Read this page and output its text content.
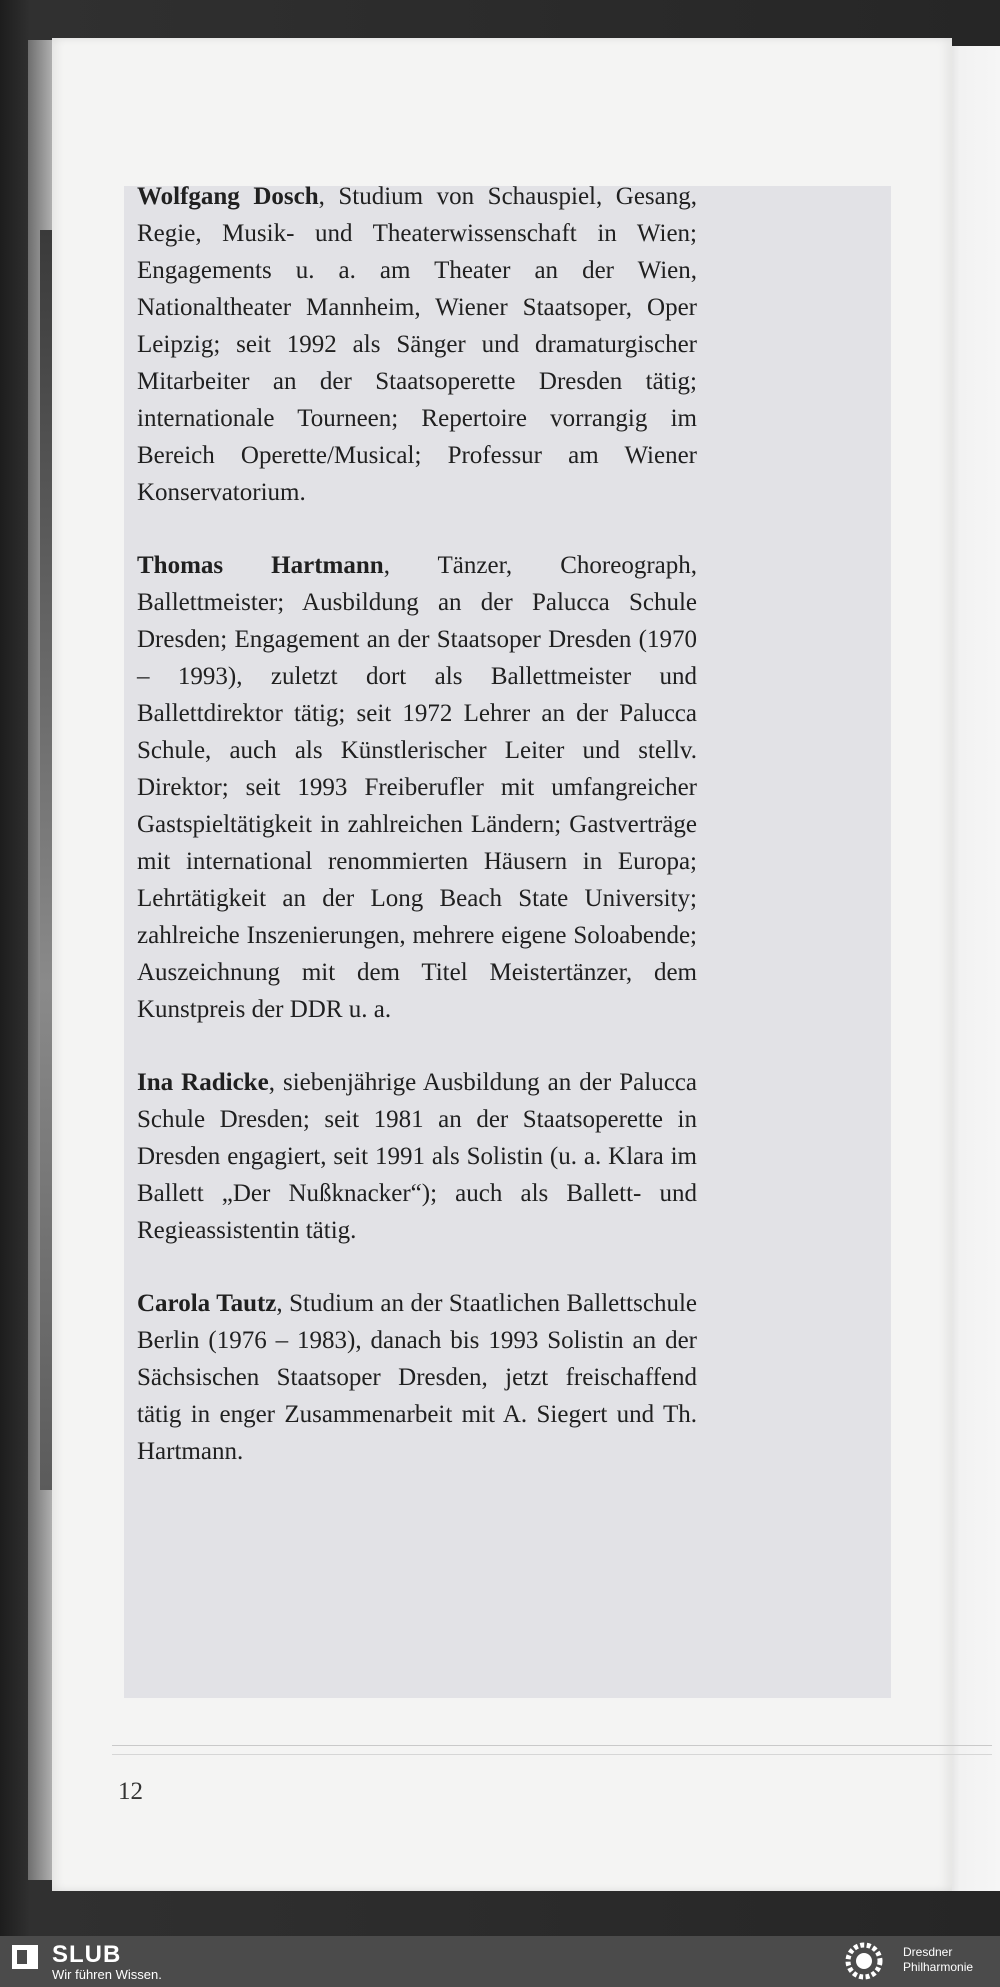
Wolfgang Dosch, Studium von Schauspiel, Gesang, Regie, Musik- und Theaterwissenschaft in Wien; Engagements u. a. am Theater an der Wien, Nationaltheater Mannheim, Wiener Staatsoper, Oper Leipzig; seit 1992 als Sänger und dramaturgischer Mitarbeiter an der Staatsoperette Dresden tätig; internationale Tourneen; Repertoire vorrangig im Bereich Operette/Musical; Professur am Wiener Konservatorium.

Thomas Hartmann, Tänzer, Choreograph, Ballettmeister; Ausbildung an der Palucca Schule Dresden; Engagement an der Staatsoper Dresden (1970 – 1993), zuletzt dort als Ballettmeister und Ballettdirektor tätig; seit 1972 Lehrer an der Palucca Schule, auch als Künstlerischer Leiter und stellv. Direktor; seit 1993 Freiberufler mit umfangreicher Gastspieltätigkeit in zahlreichen Ländern; Gastverträge mit international renommierten Häusern in Europa; Lehrtätigkeit an der Long Beach State University; zahlreiche Inszenierungen, mehrere eigene Soloabende; Auszeichnung mit dem Titel Meistertänzer, dem Kunstpreis der DDR u. a.

Ina Radicke, siebenjährige Ausbildung an der Palucca Schule Dresden; seit 1981 an der Staatsoperette in Dresden engagiert, seit 1991 als Solistin (u. a. Klara im Ballett „Der Nußknacker“); auch als Ballett- und Regieassistentin tätig.

Carola Tautz, Studium an der Staatlichen Ballettschule Berlin (1976 – 1983), danach bis 1993 Solistin an der Sächsischen Staatsoper Dresden, jetzt freischaffend tätig in enger Zusammenarbeit mit A. Siegert und Th. Hartmann.

12
SLUB
Wir führen Wissen.
Dresdner
Philharmonie
